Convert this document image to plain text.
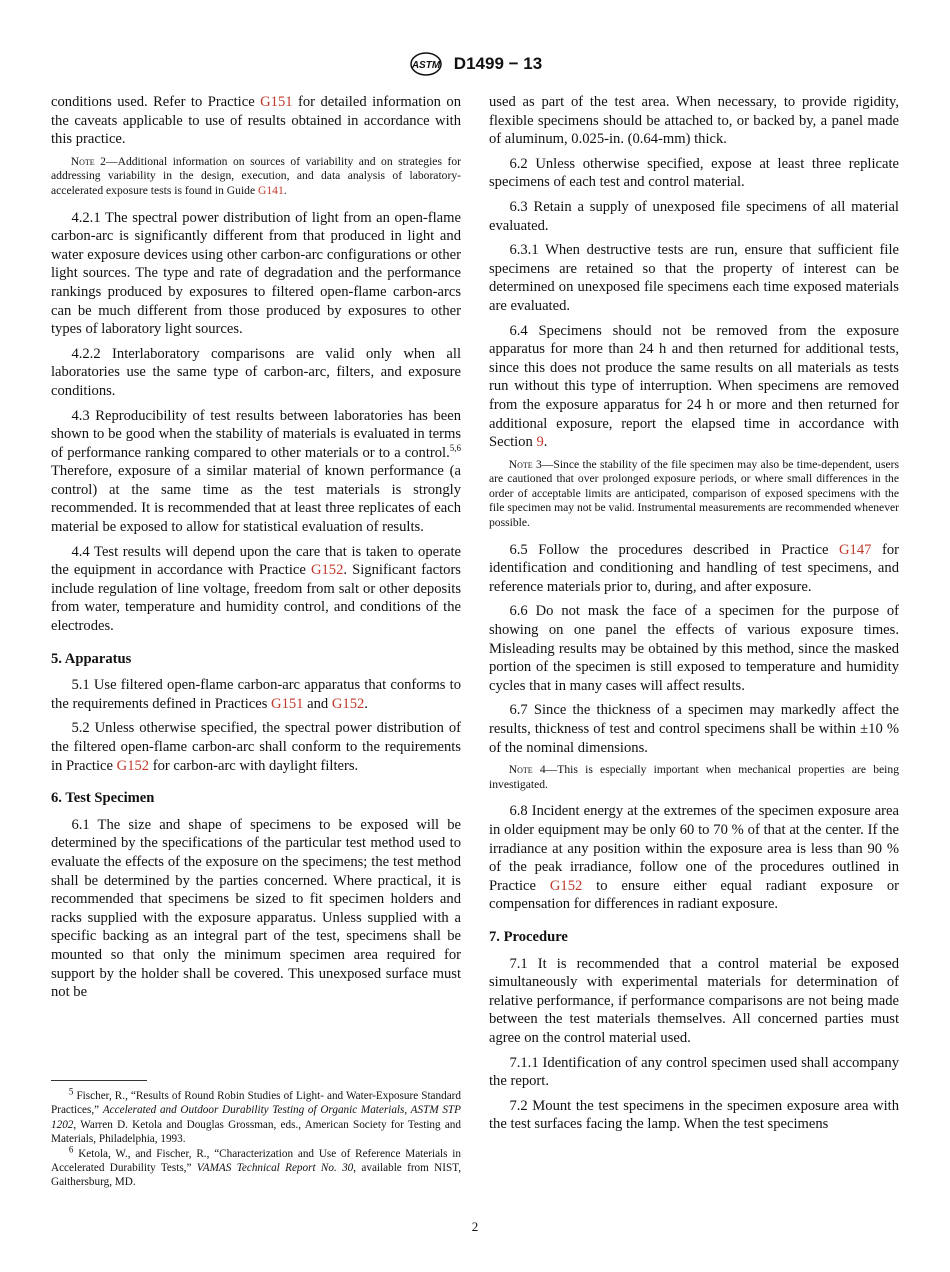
ASTM D1499 − 13

conditions used. Refer to Practice G151 for detailed information on the caveats applicable to use of results obtained in accordance with this practice.

Note 2—Additional information on sources of variability and on strategies for addressing variability in the design, execution, and data analysis of laboratory-accelerated exposure tests is found in Guide G141.

4.2.1 The spectral power distribution of light from an open-flame carbon-arc is significantly different from that produced in light and water exposure devices using other carbon-arc configurations or other light sources. The type and rate of degradation and the performance rankings produced by exposures to filtered open-flame carbon-arcs can be much different from those produced by exposures to other types of laboratory light sources.

4.2.2 Interlaboratory comparisons are valid only when all laboratories use the same type of carbon-arc, filters, and exposure conditions.

4.3 Reproducibility of test results between laboratories has been shown to be good when the stability of materials is evaluated in terms of performance ranking compared to other materials or to a control.$^{5,6}$ Therefore, exposure of a similar material of known performance (a control) at the same time as the test materials is strongly recommended. It is recommended that at least three replicates of each material be exposed to allow for statistical evaluation of results.

4.4 Test results will depend upon the care that is taken to operate the equipment in accordance with Practice G152. Significant factors include regulation of line voltage, freedom from salt or other deposits from water, temperature and humidity control, and conditions of the electrodes.

5. Apparatus

5.1 Use filtered open-flame carbon-arc apparatus that conforms to the requirements defined in Practices G151 and G152.

5.2 Unless otherwise specified, the spectral power distribution of the filtered open-flame carbon-arc shall conform to the requirements in Practice G152 for carbon-arc with daylight filters.

6. Test Specimen

6.1 The size and shape of specimens to be exposed will be determined by the specifications of the particular test method used to evaluate the effects of the exposure on the specimens; the test method shall be determined by the parties concerned. Where practical, it is recommended that specimens be sized to fit specimen holders and racks supplied with the exposure apparatus. Unless supplied with a specific backing as an integral part of the test, specimens shall be mounted so that only the minimum specimen area required for support by the holder shall be covered. This unexposed surface must not be

$^5$ Fischer, R., “Results of Round Robin Studies of Light- and Water-Exposure Standard Practices,” Accelerated and Outdoor Durability Testing of Organic Materials, ASTM STP 1202, Warren D. Ketola and Douglas Grossman, eds., American Society for Testing and Materials, Philadelphia, 1993.

$^6$ Ketola, W., and Fischer, R., “Characterization and Use of Reference Materials in Accelerated Durability Tests,” VAMAS Technical Report No. 30, available from NIST, Gaithersburg, MD.

used as part of the test area. When necessary, to provide rigidity, flexible specimens should be attached to, or backed by, a panel made of aluminum, 0.025-in. (0.64-mm) thick.

6.2 Unless otherwise specified, expose at least three replicate specimens of each test and control material.

6.3 Retain a supply of unexposed file specimens of all material evaluated.

6.3.1 When destructive tests are run, ensure that sufficient file specimens are retained so that the property of interest can be determined on unexposed file specimens each time exposed materials are evaluated.

6.4 Specimens should not be removed from the exposure apparatus for more than 24 h and then returned for additional tests, since this does not produce the same results on all materials as tests run without this type of interruption. When specimens are removed from the exposure apparatus for 24 h or more and then returned for additional exposure, report the elapsed time in accordance with Section 9.

Note 3—Since the stability of the file specimen may also be time-dependent, users are cautioned that over prolonged exposure periods, or where small differences in the order of acceptable limits are anticipated, comparison of exposed specimens with the file specimen may not be valid. Instrumental measurements are recommended whenever possible.

6.5 Follow the procedures described in Practice G147 for identification and conditioning and handling of test specimens, and reference materials prior to, during, and after exposure.

6.6 Do not mask the face of a specimen for the purpose of showing on one panel the effects of various exposure times. Misleading results may be obtained by this method, since the masked portion of the specimen is still exposed to temperature and humidity cycles that in many cases will affect results.

6.7 Since the thickness of a specimen may markedly affect the results, thickness of test and control specimens shall be within ±10 % of the nominal dimensions.

Note 4—This is especially important when mechanical properties are being investigated.

6.8 Incident energy at the extremes of the specimen exposure area in older equipment may be only 60 to 70 % of that at the center. If the irradiance at any position within the exposure area is less than 90 % of the peak irradiance, follow one of the procedures outlined in Practice G152 to ensure either equal radiant exposure or compensation for differences in radiant exposure.

7. Procedure

7.1 It is recommended that a control material be exposed simultaneously with experimental materials for determination of relative performance, if performance comparisons are not being made between the test materials themselves. All concerned parties must agree on the control material used.

7.1.1 Identification of any control specimen used shall accompany the report.

7.2 Mount the test specimens in the specimen exposure area with the test surfaces facing the lamp. When the test specimens

2
